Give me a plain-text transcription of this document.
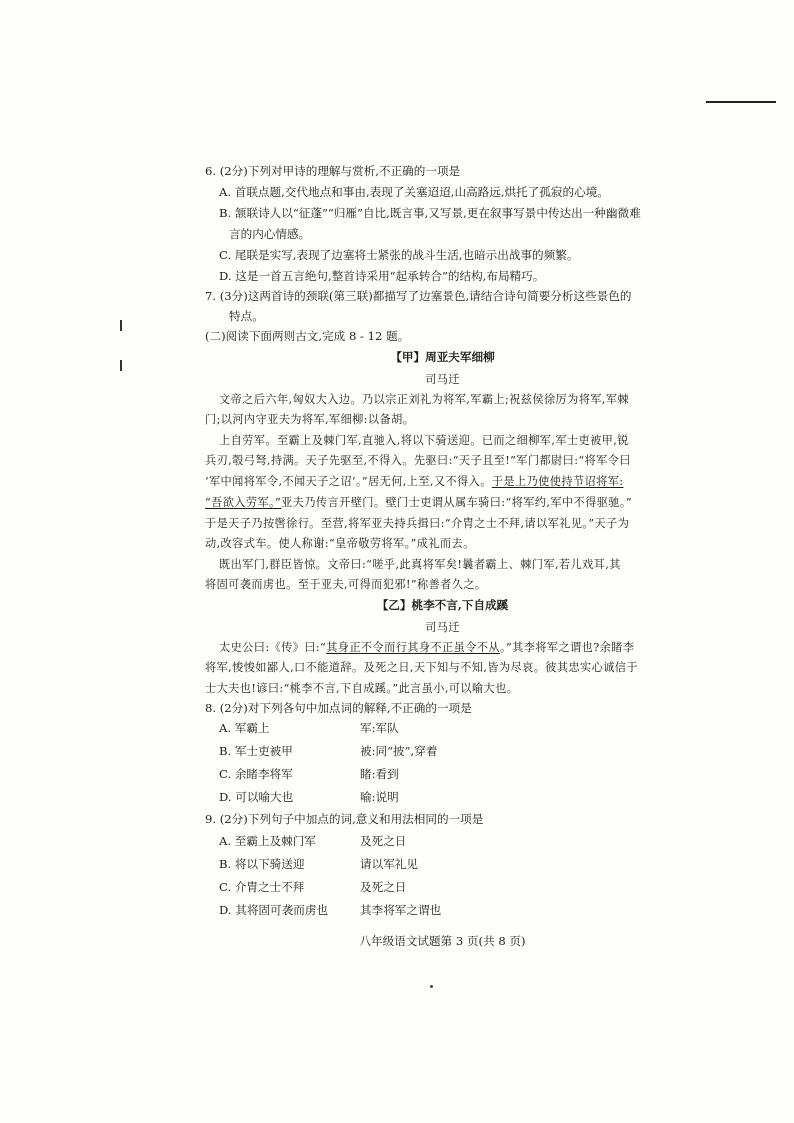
6. (2分)下列对甲诗的理解与赏析,不正确的一项是
A. 首联点题,交代地点和事由,表现了关塞迢迢,山高路远,烘托了孤寂的心境。
B. 颔联诗人以“征蓬”“归雁”自比,既言事,又写景,更在叙事写景中传达出一种幽微难
言的内心情感。
C. 尾联是实写,表现了边塞将士紧张的战斗生活,也暗示出战事的频繁。
D. 这是一首五言绝句,整首诗采用“起承转合”的结构,布局精巧。
7. (3分)这两首诗的颈联(第三联)都描写了边塞景色,请结合诗句简要分析这些景色的
特点。
(二)阅读下面两则古文,完成 8 - 12 题。
【甲】周亚夫军细柳
司马迁
文帝之后六年,匈奴大入边。乃以宗正刘礼为将军,军霸上;祝兹侯徐厉为将军,军棘
门;以河内守亚夫为将军,军细柳:以备胡。
上自劳军。至霸上及棘门军,直驰入,将以下骑送迎。已而之细柳军,军士吏被甲,锐
兵刃,彀弓弩,持满。天子先驱至,不得入。先驱曰:“天子且至!”军门都尉曰:“将军令曰
‘军中闻将军令,不闻天子之诏’。”居无何,上至,又不得入。于是上乃使使持节诏将军:
“吾欲入劳军。”亚夫乃传言开壁门。壁门士吏谓从属车骑曰:“将军约,军中不得驱驰。”
于是天子乃按辔徐行。至营,将军亚夫持兵揖曰:“介胄之士不拜,请以军礼见。”天子为
动,改容式车。使人称谢:“皇帝敬劳将军。”成礼而去。
既出军门,群臣皆惊。文帝曰:“嗟乎,此真将军矣!曩者霸上、棘门军,若儿戏耳,其
将固可袭而虏也。至于亚夫,可得而犯邪!”称善者久之。
【乙】桃李不言,下自成蹊
司马迁
太史公曰:《传》曰:“其身正不令而行其身不正虽令不从。”其李将军之谓也?余睹李
将军,悛悛如鄙人,口不能道辞。及死之日,天下知与不知,皆为尽哀。彼其忠实心诚信于
士大夫也!谚曰:“桃李不言,下自成蹊。”此言虽小,可以喻大也。
8. (2分)对下列各句中加点词的解释,不正确的一项是
A. 军霸上	军:军队
B. 军士吏被甲	被:同“披”,穿着
C. 余睹李将军	睹:看到
D. 可以喻大也	喻:说明
9. (2分)下列句子中加点的词,意义和用法相同的一项是
A. 至霸上及棘门军	及死之日
B. 将以下骑送迎	请以军礼见
C. 介胄之士不拜	及死之日
D. 其将固可袭而虏也	其李将军之谓也
八年级语文试题第 3 页(共 8 页)
